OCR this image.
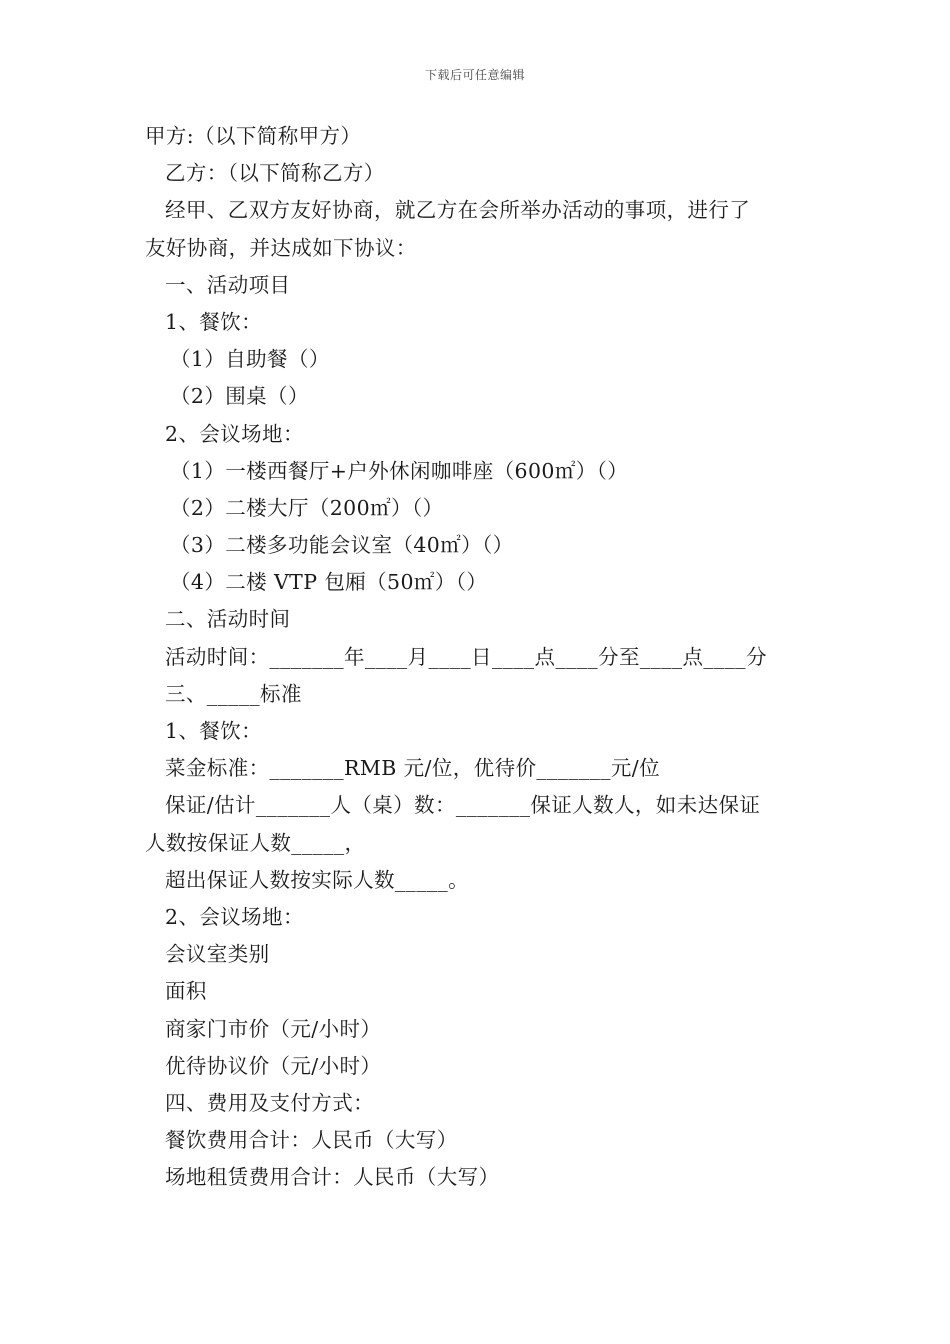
下载后可任意编辑
甲方:（以下简称甲方）
乙方：（以下简称乙方）
经甲、乙双方友好协商，就乙方在会所举办活动的事项，进行了
友好协商，并达成如下协议：
一、活动项目
1、餐饮：
（1）自助餐（）
（2）围桌（）
2、会议场地：
（1）一楼西餐厅+户外休闲咖啡座（600㎡）（）
（2）二楼大厅（200㎡）（）
（3）二楼多功能会议室（40㎡）（）
（4）二楼 VTP 包厢（50㎡）（）
二、活动时间
活动时间：_______年____月____日____点____分至____点____分
三、_____标准
1、餐饮：
菜金标准：_______RMB 元/位，优待价_______元/位
保证/估计_______人（桌）数：_______保证人数人，如未达保证
人数按保证人数_____，
超出保证人数按实际人数_____。
2、会议场地：
会议室类别
面积
商家门市价（元/小时）
优待协议价（元/小时）
四、费用及支付方式：
餐饮费用合计：人民币（大写）
场地租赁费用合计：人民币（大写）
